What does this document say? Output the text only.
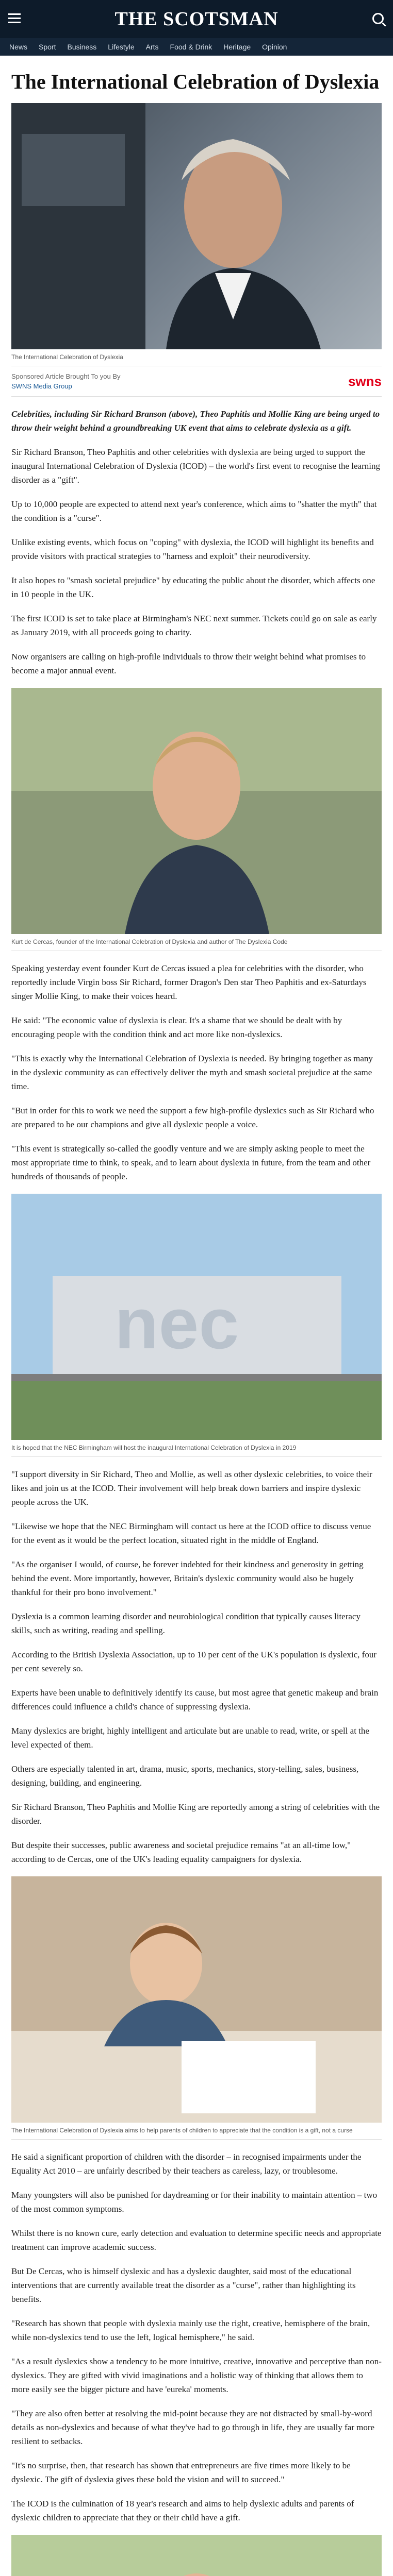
THE SCOTSMAN
News Sport Business Lifestyle Arts Food & Drink Heritage Opinion
The International Celebration of Dyslexia
The International Celebration of Dyslexia
Sponsored Article Brought To you By
SWNS Media Group	swns

Celebrities, including Sir Richard Branson (above), Theo Paphitis and Mollie King are being urged to throw their weight behind a groundbreaking UK event that aims to celebrate dyslexia as a gift.

Sir Richard Branson, Theo Paphitis and other celebrities with dyslexia are being urged to support the inaugural International Celebration of Dyslexia (ICOD) – the world's first event to recognise the learning disorder as a "gift".

Up to 10,000 people are expected to attend next year's conference, which aims to "shatter the myth" that the condition is a "curse".

Unlike existing events, which focus on "coping" with dyslexia, the ICOD will highlight its benefits and provide visitors with practical strategies to "harness and exploit" their neurodiversity.

It also hopes to "smash societal prejudice" by educating the public about the disorder, which affects one in 10 people in the UK.

The first ICOD is set to take place at Birmingham's NEC next summer. Tickets could go on sale as early as January 2019, with all proceeds going to charity.

Now organisers are calling on high-profile individuals to throw their weight behind what promises to become a major annual event.

Kurt de Cercas, founder of the International Celebration of Dyslexia and author of The Dyslexia Code

Speaking yesterday event founder Kurt de Cercas issued a plea for celebrities with the disorder, who reportedly include Virgin boss Sir Richard, former Dragon's Den star Theo Paphitis and ex-Saturdays singer Mollie King, to make their voices heard.

He said: "The economic value of dyslexia is clear. It's a shame that we should be dealt with by encouraging people with the condition think and act more like non-dyslexics.

"This is exactly why the International Celebration of Dyslexia is needed. By bringing together as many in the dyslexic community as can effectively deliver the myth and smash societal prejudice at the same time.

"But in order for this to work we need the support a few high-profile dyslexics such as Sir Richard who are prepared to be our champions and give all dyslexic people a voice.

"This event is strategically so-called the goodly venture and we are simply asking people to meet the most appropriate time to think, to speak, and to learn about dyslexia in future, from the team and other hundreds of thousands of people.

nec
It is hoped that the NEC Birmingham will host the inaugural International Celebration of Dyslexia in 2019

"I support diversity in Sir Richard, Theo and Mollie, as well as other dyslexic celebrities, to voice their likes and join us at the ICOD. Their involvement will help break down barriers and inspire dyslexic people across the UK.

"Likewise we hope that the NEC Birmingham will contact us here at the ICOD office to discuss venue for the event as it would be the perfect location, situated right in the middle of England.

"As the organiser I would, of course, be forever indebted for their kindness and generosity in getting behind the event. More importantly, however, Britain's dyslexic community would also be hugely thankful for their pro bono involvement."

Dyslexia is a common learning disorder and neurobiological condition that typically causes literacy skills, such as writing, reading and spelling.

According to the British Dyslexia Association, up to 10 per cent of the UK's population is dyslexic, four per cent severely so.

Experts have been unable to definitively identify its cause, but most agree that genetic makeup and brain differences could influence a child's chance of suppressing dyslexia.

Many dyslexics are bright, highly intelligent and articulate but are unable to read, write, or spell at the level expected of them.

Others are especially talented in art, drama, music, sports, mechanics, story-telling, sales, business, designing, building, and engineering.

Sir Richard Branson, Theo Paphitis and Mollie King are reportedly among a string of celebrities with the disorder.

But despite their successes, public awareness and societal prejudice remains "at an all-time low," according to de Cercas, one of the UK's leading equality campaigners for dyslexia.

The International Celebration of Dyslexia aims to help parents of children to appreciate that the condition is a gift, not a curse

He said a significant proportion of children with the disorder – in recognised impairments under the Equality Act 2010 – are unfairly described by their teachers as careless, lazy, or troublesome.

Many youngsters will also be punished for daydreaming or for their inability to maintain attention – two of the most common symptoms.

Whilst there is no known cure, early detection and evaluation to determine specific needs and appropriate treatment can improve academic success.

But De Cercas, who is himself dyslexic and has a dyslexic daughter, said most of the educational interventions that are currently available treat the disorder as a "curse", rather than highlighting its benefits.

"Research has shown that people with dyslexia mainly use the right, creative, hemisphere of the brain, while non-dyslexics tend to use the left, logical hemisphere," he said.

"As a result dyslexics show a tendency to be more intuitive, creative, innovative and perceptive than non-dyslexics. They are gifted with vivid imaginations and a holistic way of thinking that allows them to more easily see the bigger picture and have 'eureka' moments.

"They are also often better at resolving the mid-point because they are not distracted by small-by-word details as non-dyslexics and because of what they've had to go through in life, they are usually far more resilient to setbacks.

"It's no surprise, then, that research has shown that entrepreneurs are five times more likely to be dyslexic. The gift of dyslexia gives these bold the vision and will to succeed."

The ICOD is the culmination of 18 year's research and aims to help dyslexic adults and parents of dyslexic children to appreciate that they or their child have a gift.
